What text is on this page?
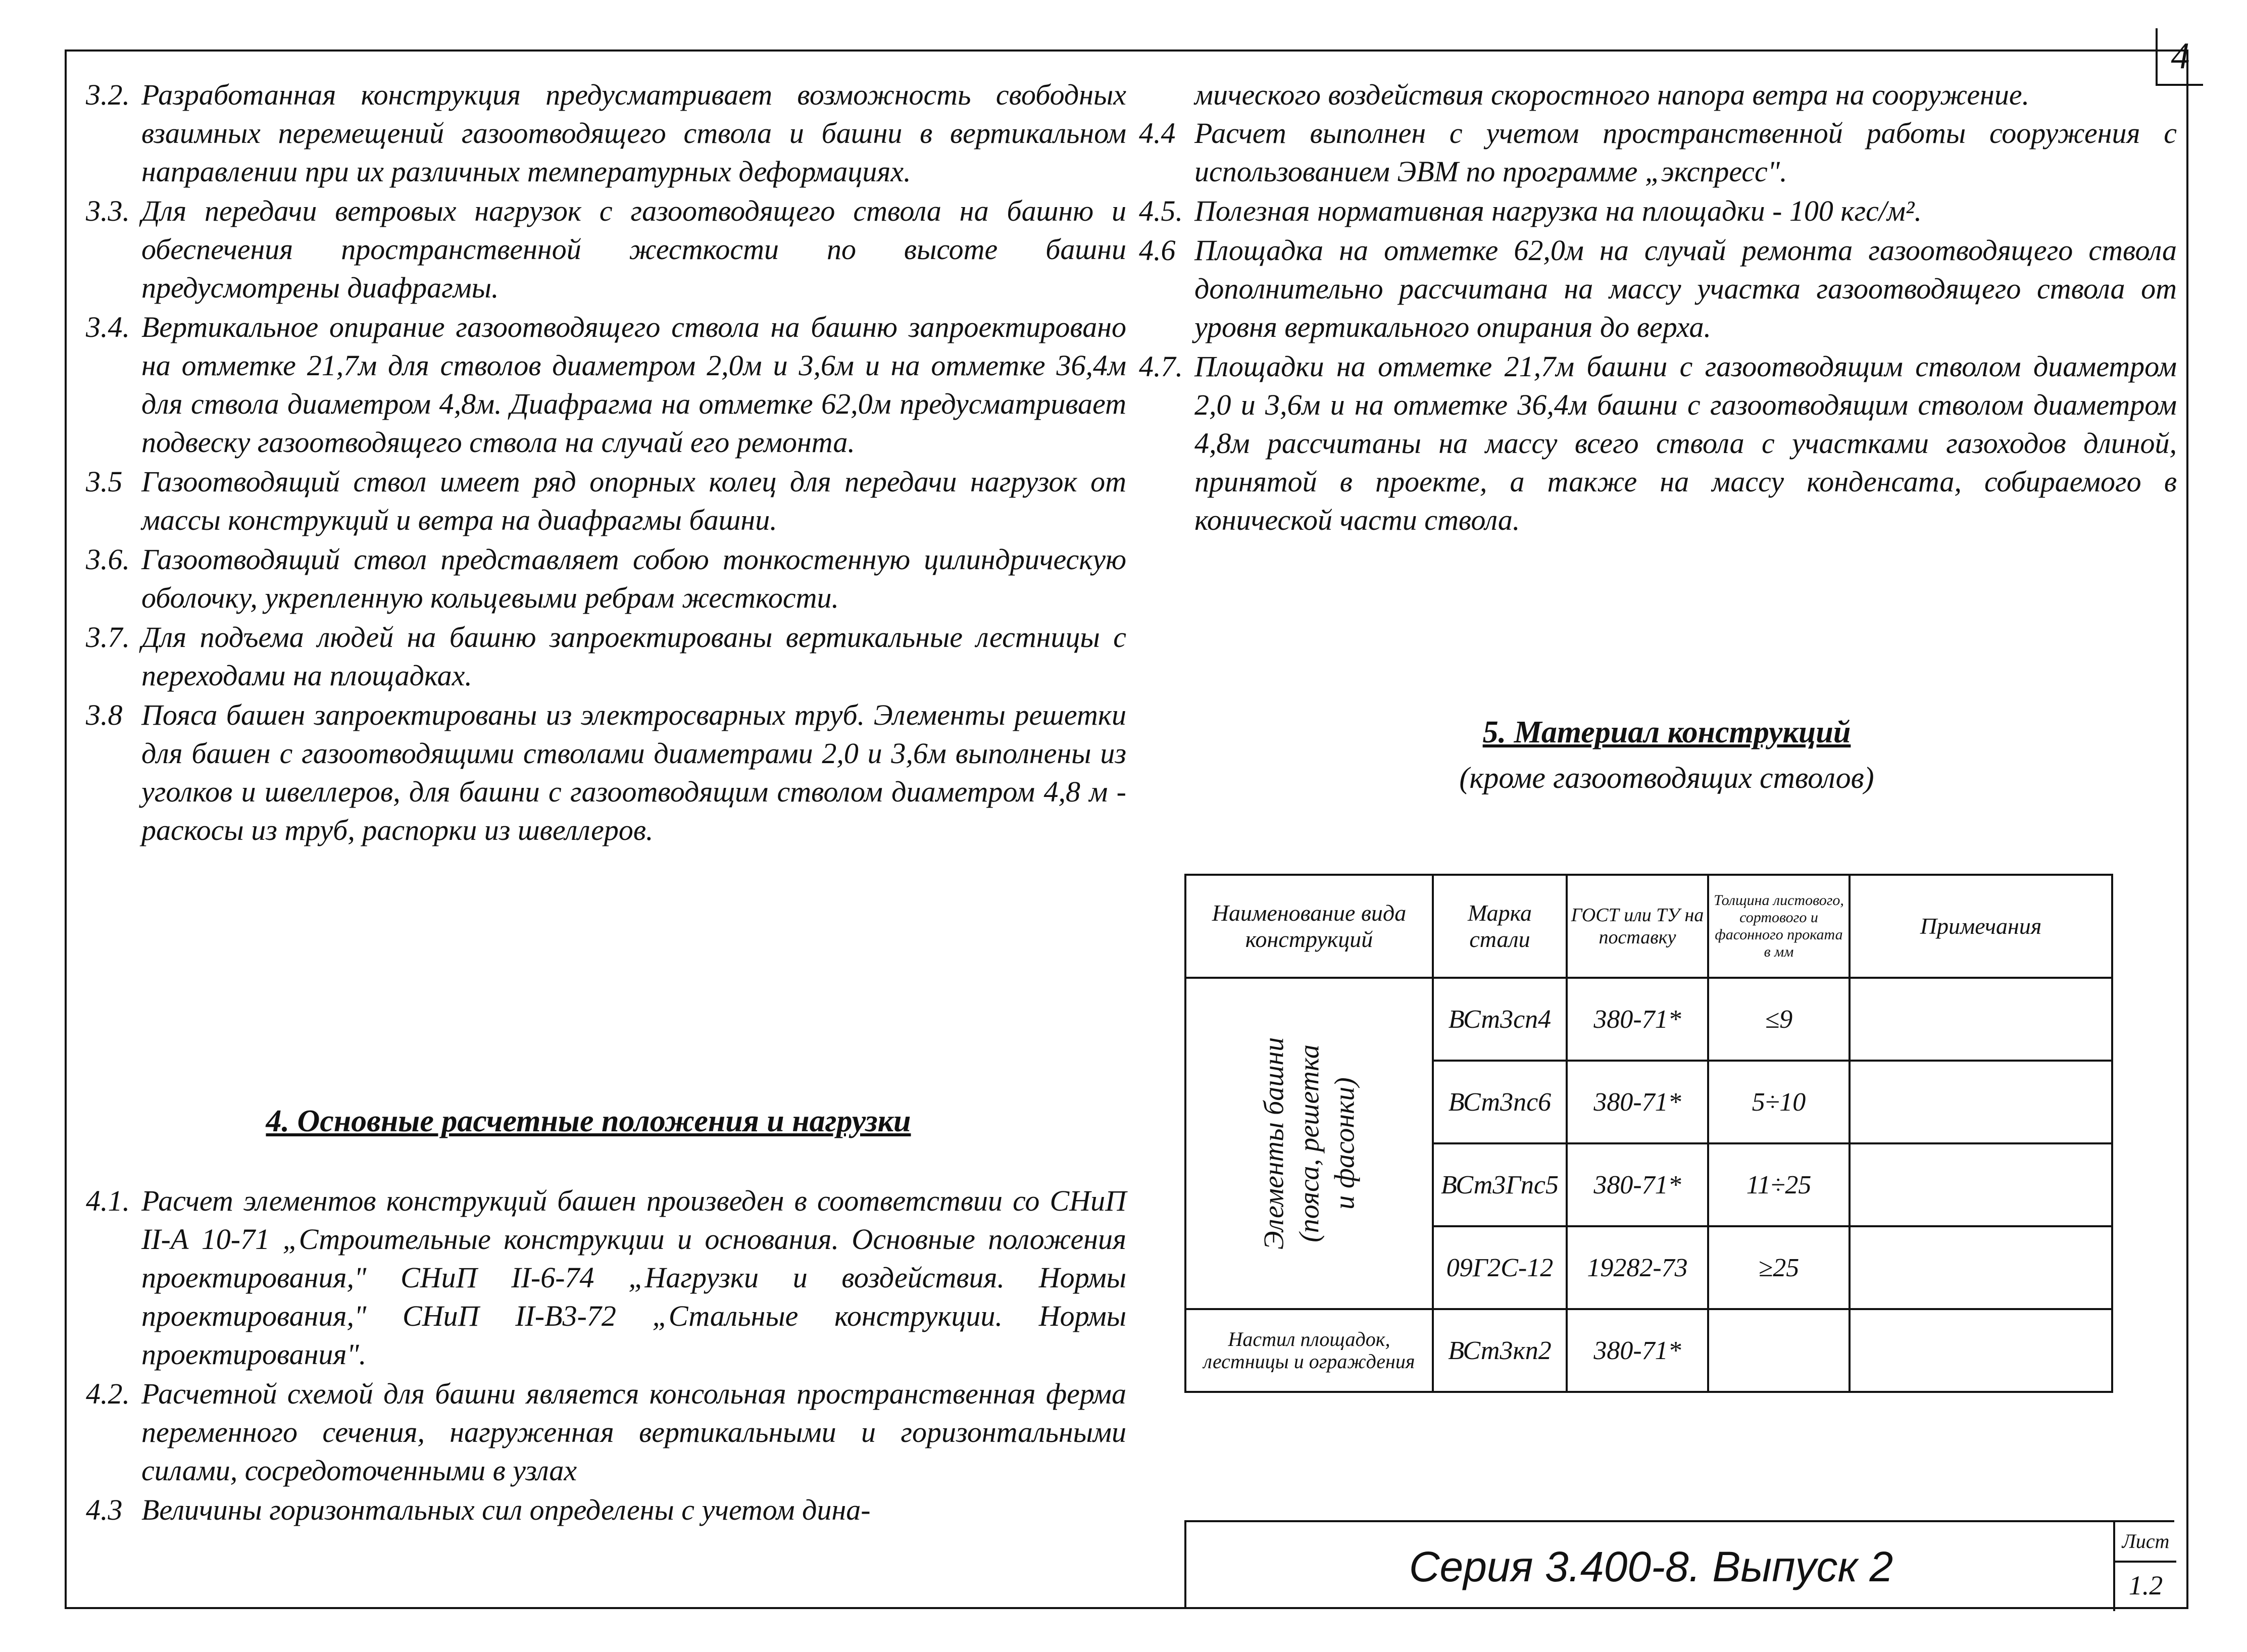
4
3.2. Разработанная конструкция предусматривает возможность свободных взаимных перемещений газоотводящего ствола и башни в вертикальном направлении при их различных температурных деформациях.
3.3. Для передачи ветровых нагрузок с газоотводящего ствола на башню и обеспечения пространственной жесткости по высоте башни предусмотрены диафрагмы.
3.4. Вертикальное опирание газоотводящего ствола на башню запроектировано на отметке 21,7м для стволов диаметром 2,0м и 3,6м и на отметке 36,4м для ствола диаметром 4,8м. Диафрагма на отметке 62,0м предусматривает подвеску газоотводящего ствола на случай его ремонта.
3.5 Газоотводящий ствол имеет ряд опорных колец для передачи нагрузок от массы конструкций и ветра на диафрагмы башни.
3.6. Газоотводящий ствол представляет собою тонкостенную цилиндрическую оболочку, укрепленную кольцевыми ребрам жесткости.
3.7. Для подъема людей на башню запроектированы вертикальные лестницы с переходами на площадках.
3.8 Пояса башен запроектированы из электросварных труб. Элементы решетки для башен с газоотводящими стволами диаметрами 2,0 и 3,6м выполнены из уголков и швеллеров, для башни с газоотводящим стволом диаметром 4,8 м - раскосы из труб, распорки из швеллеров.
4. Основные расчетные положения и нагрузки
4.1. Расчет элементов конструкций башен произведен в соответствии со СНиП II-А 10-71 „Строительные конструкции и основания. Основные положения проектирования," СНиП II-6-74 „Нагрузки и воздействия. Нормы проектирования," СНиП II-В3-72 „Стальные конструкции. Нормы проектирования".
4.2. Расчетной схемой для башни является консольная пространственная ферма переменного сечения, нагруженная вертикальными и горизонтальными силами, сосредоточенными в узлах
4.3 Величины горизонтальных сил определены с учетом дина-
мического воздействия скоростного напора ветра на сооружение.
4.4 Расчет выполнен с учетом пространственной работы сооружения с использованием ЭВМ по программе „экспресс".
4.5. Полезная нормативная нагрузка на площадки - 100 кгс/м².
4.6 Площадка на отметке 62,0м на случай ремонта газоотводящего ствола дополнительно рассчитана на массу участка газоотводящего ствола от уровня вертикального опирания до верха.
4.7. Площадки на отметке 21,7м башни с газоотводящим стволом диаметром 2,0 и 3,6м и на отметке 36,4м башни с газоотводящим стволом диаметром 4,8м рассчитаны на массу всего ствола с участками газоходов длиной, принятой в проекте, а также на массу конденсата, собираемого в конической части ствола.
5. Материал конструкций
(кроме газоотводящих стволов)
Наименование вида конструкций	Марка стали	ГОСТ или ТУ на поставку	Толщина листового, сортового и фасонного проката в мм	Примечания
Элементы башни (пояса, решетка и фасонки)	ВСт3сп4	380-71*	≤9	
	ВСт3пс6	380-71*	5÷10	
	ВСт3Гпс5	380-71*	11÷25	
	09Г2С-12	19282-73	≥25	
Настил площадок, лестницы и ограждения	ВСт3кп2	380-71*		
Серия 3.400-8. Выпуск 2
Лист
1.2
